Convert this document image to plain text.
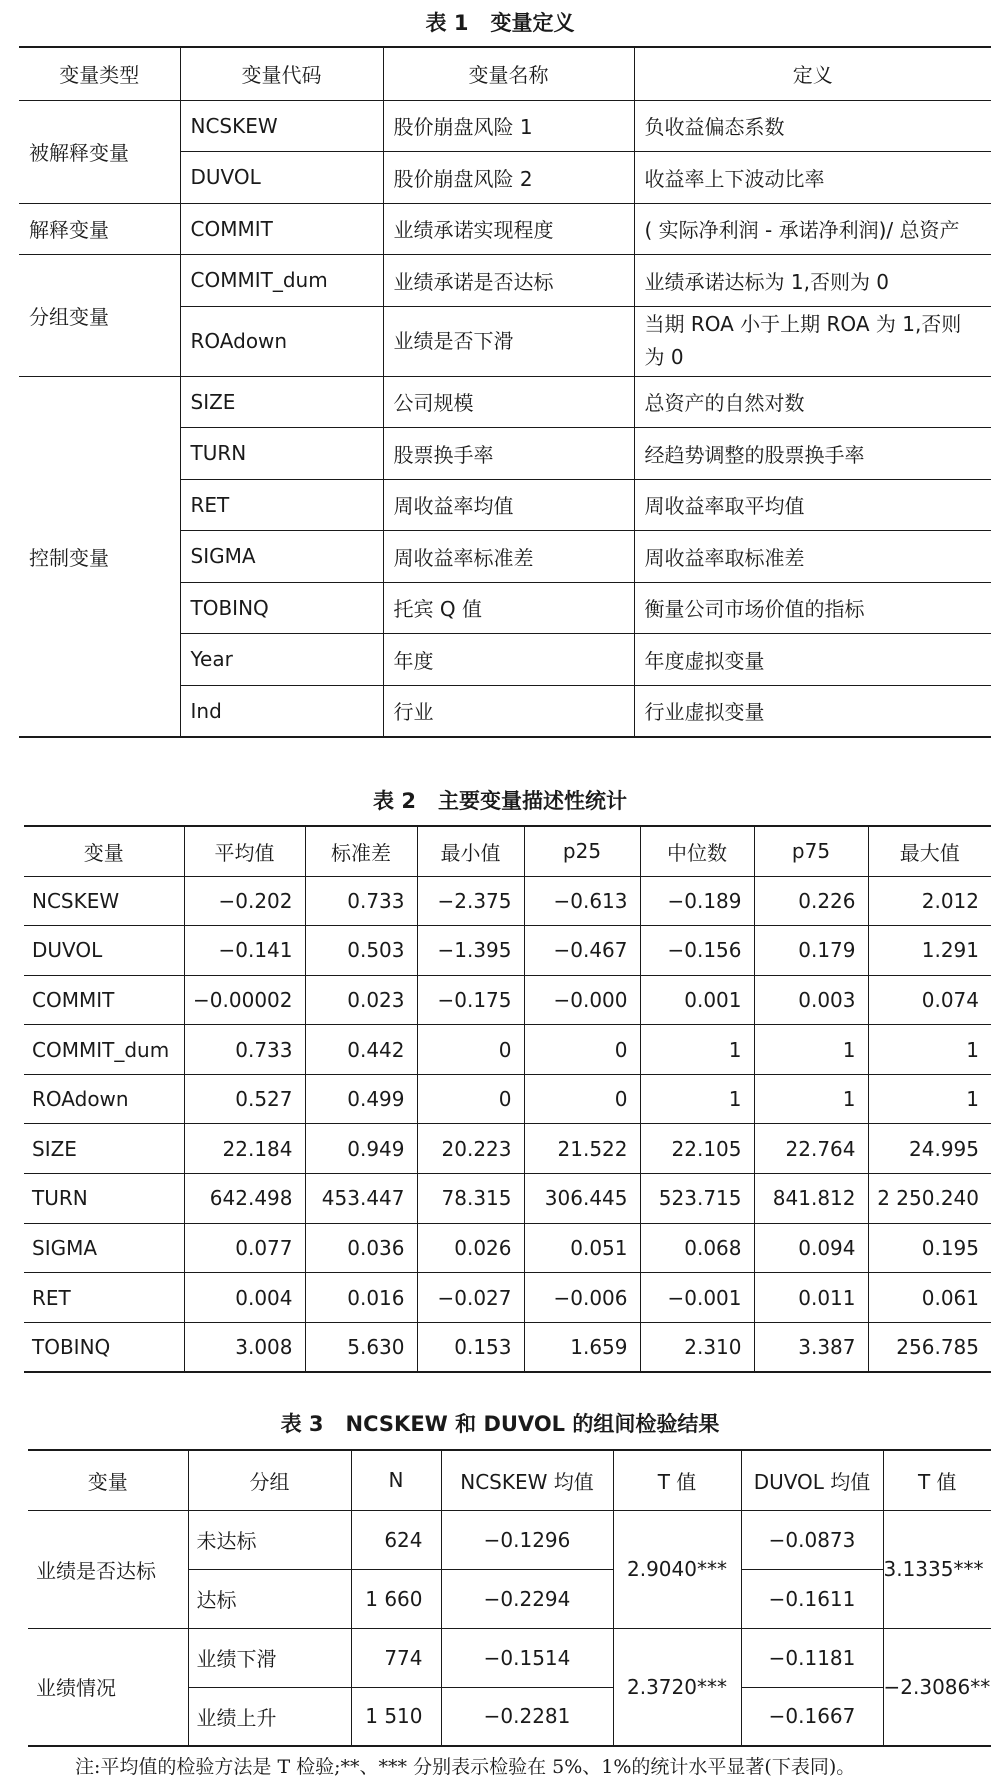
表 1 变量定义
变量类型	变量代码	变量名称	定义
被解释变量	NCSKEW	股价崩盘风险 1	负收益偏态系数
	DUVOL	股价崩盘风险 2	收益率上下波动比率
解释变量	COMMIT	业绩承诺实现程度	( 实际净利润 - 承诺净利润)/ 总资产
分组变量	COMMIT_dum	业绩承诺是否达标	业绩承诺达标为 1,否则为 0
	ROAdown	业绩是否下滑	当期 ROA 小于上期 ROA 为 1,否则为 0
控制变量	SIZE	公司规模	总资产的自然对数
	TURN	股票换手率	经趋势调整的股票换手率
	RET	周收益率均值	周收益率取平均值
	SIGMA	周收益率标准差	周收益率取标准差
	TOBINQ	托宾 Q 值	衡量公司市场价值的指标
	Year	年度	年度虚拟变量
	Ind	行业	行业虚拟变量
表 2 主要变量描述性统计
变量	平均值	标准差	最小值	p25	中位数	p75	最大值
NCSKEW	−0.202	0.733	−2.375	−0.613	−0.189	0.226	2.012
DUVOL	−0.141	0.503	−1.395	−0.467	−0.156	0.179	1.291
COMMIT	−0.00002	0.023	−0.175	−0.000	0.001	0.003	0.074
COMMIT_dum	0.733	0.442	0	0	1	1	1
ROAdown	0.527	0.499	0	0	1	1	1
SIZE	22.184	0.949	20.223	21.522	22.105	22.764	24.995
TURN	642.498	453.447	78.315	306.445	523.715	841.812	2 250.240
SIGMA	0.077	0.036	0.026	0.051	0.068	0.094	0.195
RET	0.004	0.016	−0.027	−0.006	−0.001	0.011	0.061
TOBINQ	3.008	5.630	0.153	1.659	2.310	3.387	256.785
表 3 NCSKEW 和 DUVOL 的组间检验结果
变量	分组	N	NCSKEW 均值	T 值	DUVOL 均值	T 值
业绩是否达标	未达标	624	−0.1296	2.9040***	−0.0873	3.1335***
	达标	1 660	−0.2294		−0.1611	
业绩情况	业绩下滑	774	−0.1514	2.3720***	−0.1181	−2.3086**
	业绩上升	1 510	−0.2281		−0.1667	
注:平均值的检验方法是 T 检验;**、*** 分别表示检验在 5%、1%的统计水平显著(下表同)。
